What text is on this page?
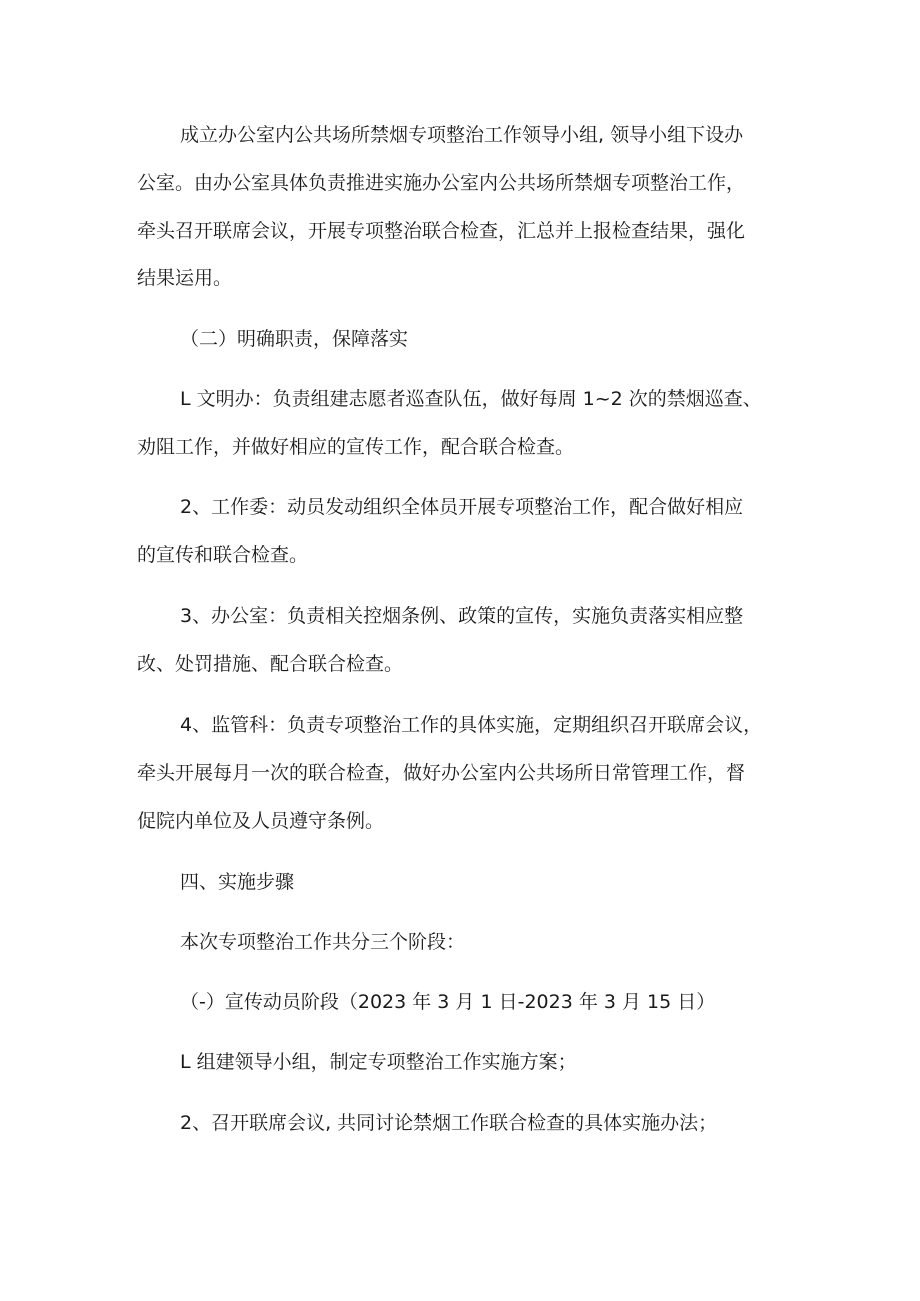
成立办公室内公共场所禁烟专项整治工作领导小组, 领导小组下设办

公室。由办公室具体负责推进实施办公室内公共场所禁烟专项整治工作，

牵头召开联席会议，开展专项整治联合检查，汇总并上报检查结果，强化

结果运用。

（二）明确职责，保障落实

L 文明办：负责组建志愿者巡查队伍，做好每周 1~2 次的禁烟巡查、

劝阻工作，并做好相应的宣传工作，配合联合检查。

2、工作委：动员发动组织全体员开展专项整治工作，配合做好相应

的宣传和联合检查。

3、办公室：负责相关控烟条例、政策的宣传，实施负责落实相应整

改、处罚措施、配合联合检查。

4、监管科：负责专项整治工作的具体实施，定期组织召开联席会议，

牵头开展每月一次的联合检查，做好办公室内公共场所日常管理工作，督

促院内单位及人员遵守条例。

四、实施步骤

本次专项整治工作共分三个阶段：

（-）宣传动员阶段（2023 年 3 月 1 日-2023 年 3 月 15 日）

L 组建领导小组，制定专项整治工作实施方案；

2、召开联席会议, 共同讨论禁烟工作联合检查的具体实施办法；
